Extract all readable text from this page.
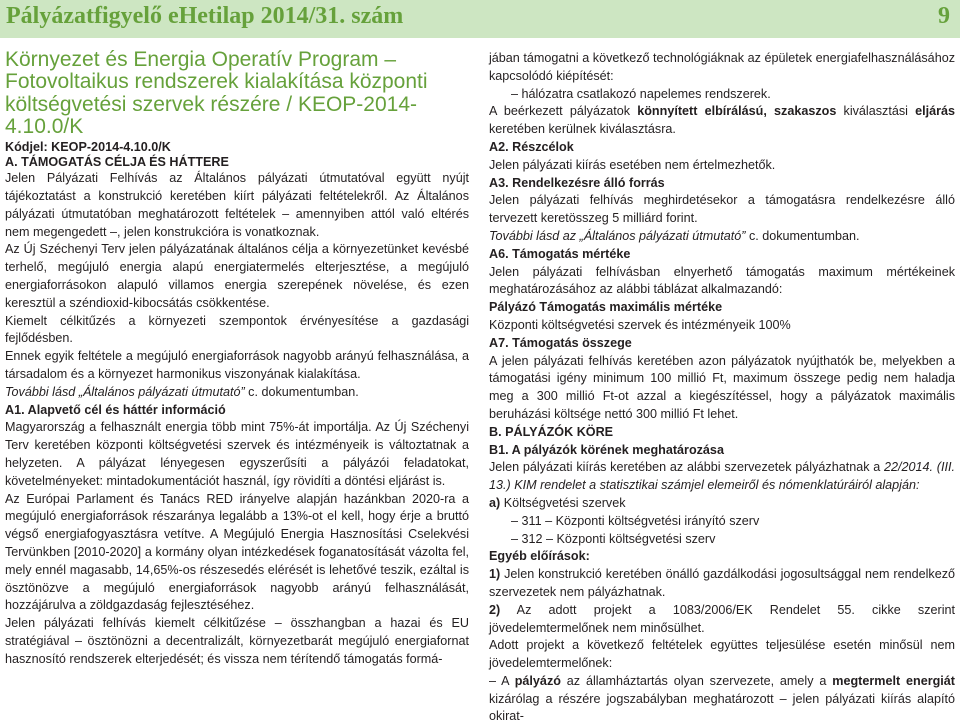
Pályázatfigyelő eHetilap 2014/31. szám	9
Környezet és Energia Operatív Program – Fotovoltaikus rendszerek kialakítása központi költségvetési szervek részére / KEOP-2014-4.10.0/K
Kódjel: KEOP-2014-4.10.0/K
A. TÁMOGATÁS CÉLJA ÉS HÁTTERE

Jelen Pályázati Felhívás az Általános pályázati útmutatóval együtt nyújt tájékoztatást a konstrukció keretében kiírt pályázati feltételekről. Az Általános pályázati útmutatóban meghatározott feltételek – amennyiben attól való eltérés nem megengedett –, jelen konstrukcióra is vonatkoznak.

Az Új Széchenyi Terv jelen pályázatának általános célja a környezetünket kevésbé terhelő, megújuló energia alapú energiatermelés elterjesztése, a megújuló energiaforrásokon alapuló villamos energia szerepének növelése, és ezen keresztül a széndioxid-kibocsátás csökkentése.

Kiemelt célkitűzés a környezeti szempontok érvényesítése a gazdasági fejlődésben.

Ennek egyik feltétele a megújuló energiaforrások nagyobb arányú felhasználása, a társadalom és a környezet harmonikus viszonyának kialakítása.

További lásd „Általános pályázati útmutató” c. dokumentumban.

A1. Alapvető cél és háttér információ

Magyarország a felhasznált energia több mint 75%-át importálja. Az Új Széchenyi Terv keretében központi költségvetési szervek és intézményeik is változtatnak a helyzeten. A pályázat lényegesen egyszerűsíti a pályázói feladatokat, követelményeket: mintadokumentációt használ, így rövidíti a döntési eljárást is.

Az Európai Parlament és Tanács RED irányelve alapján hazánkban 2020-ra a megújuló energiaforrások részaránya legalább a 13%-ot el kell, hogy érje a bruttó végső energiafogyasztásra vetítve. A Megújuló Energia Hasznosítási Cselekvési Tervünkben [2010-2020] a kormány olyan intézkedések foganatosítását vázolta fel, mely ennél magasabb, 14,65%-os részesedés elérését is lehetővé teszik, ezáltal is ösztönözve a megújuló energiaforrások nagyobb arányú felhasználását, hozzájárulva a zöldgazdaság fejlesztéséhez.

Jelen pályázati felhívás kiemelt célkitűzése – összhangban a hazai és EU stratégiával – ösztönözni a decentralizált, környezetbarát megújuló energiafornat hasznosító rendszerek elterjedését; és vissza nem térítendő támogatás formá-

jában támogatni a következő technológiáknak az épületek energiafelhasználásához kapcsolódó kiépítését:

– hálózatra csatlakozó napelemes rendszerek.

A beérkezett pályázatok könnyített elbírálású, szakaszos kiválasztási eljárás keretében kerülnek kiválasztásra.

A2. Részcélok

Jelen pályázati kiírás esetében nem értelmezhetők.

A3. Rendelkezésre álló forrás

Jelen pályázati felhívás meghirdetésekor a támogatásra rendelkezésre álló tervezett keretösszeg 5 milliárd forint.

További lásd az „Általános pályázati útmutató” c. dokumentumban.

A6. Támogatás mértéke

Jelen pályázati felhívásban elnyerhető támogatás maximum mértékeinek meghatározásához az alábbi táblázat alkalmazandó:

Pályázó Támogatás maximális mértéke

Központi költségvetési szervek és intézményeik 100%

A7. Támogatás összege

A jelen pályázati felhívás keretében azon pályázatok nyújthatók be, melyekben a támogatási igény minimum 100 millió Ft, maximum összege pedig nem haladja meg a 300 millió Ft-ot azzal a kiegészítéssel, hogy a pályázatok maximális beruházási költsége nettó 300 millió Ft lehet.

B. PÁLYÁZÓK KÖRE

B1. A pályázók körének meghatározása

Jelen pályázati kiírás keretében az alábbi szervezetek pályázhatnak a 22/2014. (III. 13.) KIM rendelet a statisztikai számjel elemeiről és nómenklatúráiról alapján:

a) Költségvetési szervek

– 311 – Központi költségvetési irányító szerv

– 312 – Központi költségvetési szerv

Egyéb előírások:

1) Jelen konstrukció keretében önálló gazdálkodási jogosultsággal nem rendelkező szervezetek nem pályázhatnak.

2) Az adott projekt a 1083/2006/EK Rendelet 55. cikke szerint jövedelemtermelőnek nem minősülhet.

Adott projekt a következő feltételek együttes teljesülése esetén minősül nem jövedelemtermelőnek:

– A pályázó az államháztartás olyan szervezete, amely a megtermelt energiát kizárólag a részére jogszabályban meghatározott – jelen pályázati kiírás alapító okirat-
